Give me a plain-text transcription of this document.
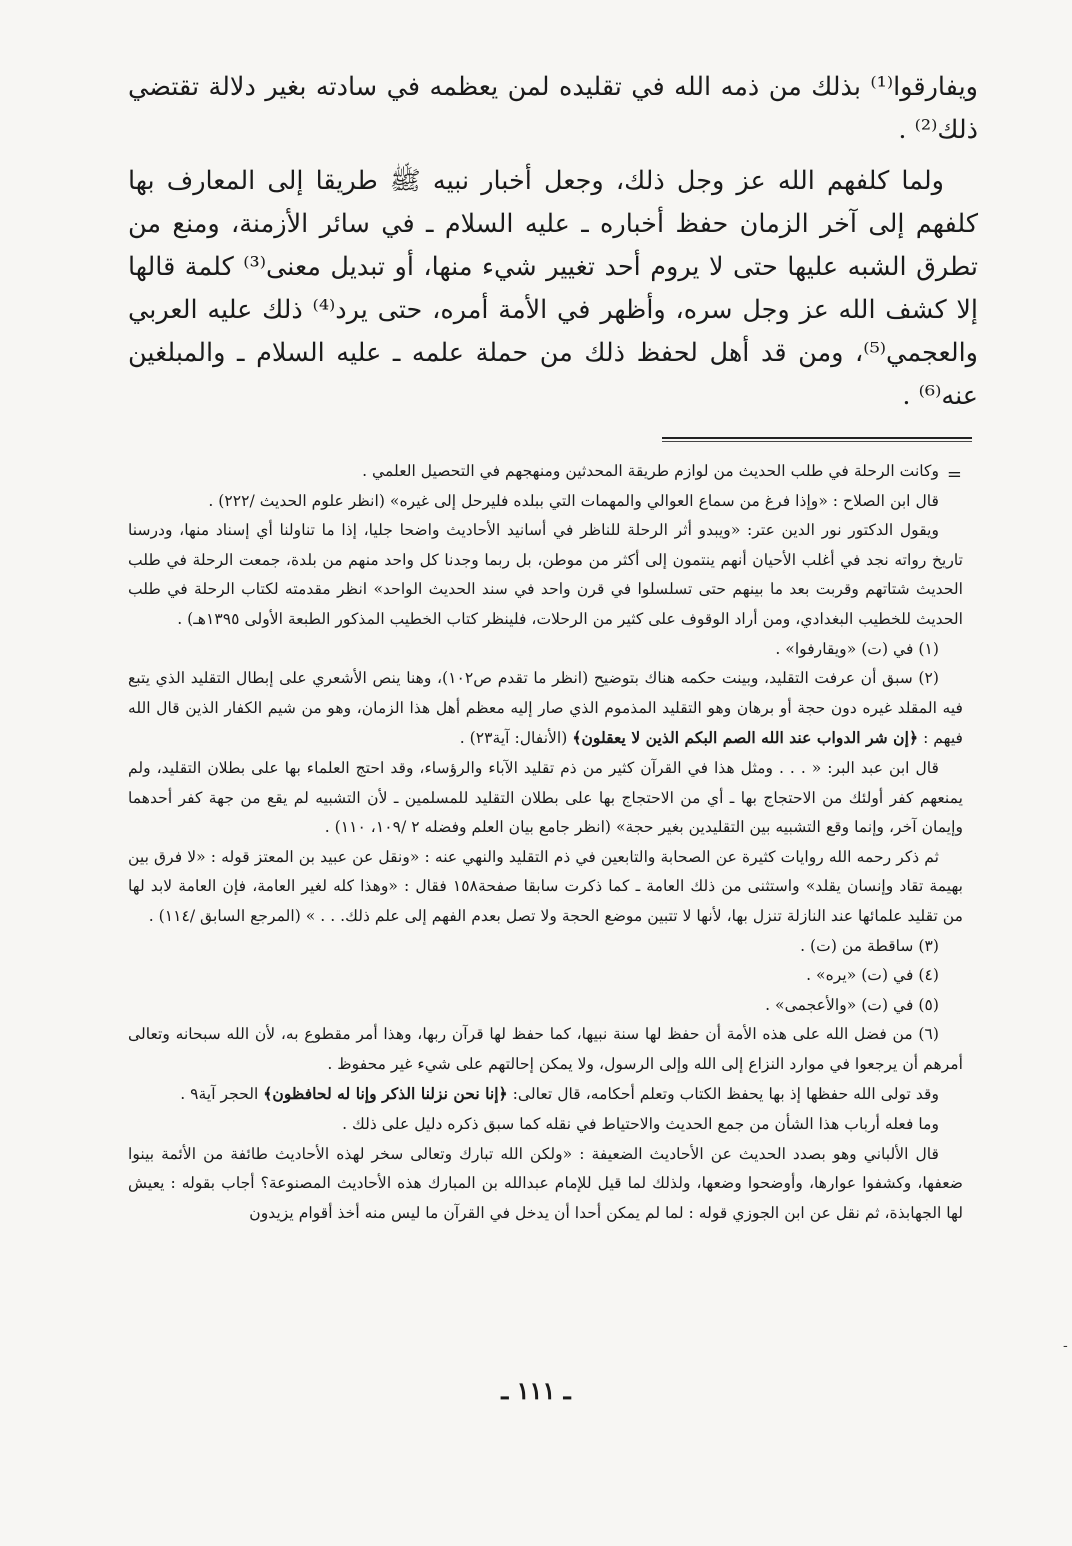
ويفارقوا⁽¹⁾ بذلك من ذمه الله في تقليده لمن يعظمه في سادته بغير دلالة تقتضي ذلك⁽²⁾ .

ولما كلفهم الله عز وجل ذلك، وجعل أخبار نبيه ﷺ طريقا إلى المعارف بها كلفهم إلى آخر الزمان حفظ أخباره ـ عليه السلام ـ في سائر الأزمنة، ومنع من تطرق الشبه عليها حتى لا يروم أحد تغيير شيء منها، أو تبديل معنى⁽³⁾ كلمة قالها إلا كشف الله عز وجل سره، وأظهر في الأمة أمره، حتى يرد⁽⁴⁾ ذلك عليه العربي والعجمي⁽⁵⁾، ومن قد أهل لحفظ ذلك من حملة علمه ـ عليه السلام ـ والمبلغين عنه⁽⁶⁾ .

=

وكانت الرحلة في طلب الحديث من لوازم طريقة المحدثين ومنهجهم في التحصيل العلمي .

قال ابن الصلاح : «وإذا فرغ من سماع العوالي والمهمات التي ببلده فليرحل إلى غيره» (انظر علوم الحديث /٢٢٢) .

ويقول الدكتور نور الدين عتر: «ويبدو أثر الرحلة للناظر في أسانيد الأحاديث واضحا جليا، إذا ما تناولنا أي إسناد منها، ودرسنا تاريخ رواته نجد في أغلب الأحيان أنهم ينتمون إلى أكثر من موطن، بل ربما وجدنا كل واحد منهم من بلدة، جمعت الرحلة في طلب الحديث شتاتهم وقربت بعد ما بينهم حتى تسلسلوا في قرن واحد في سند الحديث الواحد» انظر مقدمته لكتاب الرحلة في طلب الحديث للخطيب البغدادي، ومن أراد الوقوف على كثير من الرحلات، فلينظر كتاب الخطيب المذكور الطبعة الأولى ١٣٩٥هـ) .

(١) في (ت) «ويقارفوا» .

(٢) سبق أن عرفت التقليد، وبينت حكمه هناك بتوضيح (انظر ما تقدم ص١٠٢)، وهنا ينص الأشعري على إبطال التقليد الذي يتبع فيه المقلد غيره دون حجة أو برهان وهو التقليد المذموم الذي صار إليه معظم أهل هذا الزمان، وهو من شيم الكفار الذين قال الله فيهم : ﴿إن شر الدواب عند الله الصم البكم الذين لا يعقلون﴾ (الأنفال: آية٢٣) .

قال ابن عبد البر: « . . . ومثل هذا في القرآن كثير من ذم تقليد الآباء والرؤساء، وقد احتج العلماء بها على بطلان التقليد، ولم يمنعهم كفر أولئك من الاحتجاج بها ـ أي من الاحتجاج بها على بطلان التقليد للمسلمين ـ لأن التشبيه لم يقع من جهة كفر أحدهما وإيمان آخر، وإنما وقع التشبيه بين التقليدين بغير حجة» (انظر جامع بيان العلم وفضله ٢ /١٠٩، ١١٠) .

ثم ذكر رحمه الله روايات كثيرة عن الصحابة والتابعين في ذم التقليد والنهي عنه : «ونقل عن عبيد بن المعتز قوله : «لا فرق بين بهيمة تقاد وإنسان يقلد» واستثنى من ذلك العامة ـ كما ذكرت سابقا صفحة١٥٨ فقال : «وهذا كله لغير العامة، فإن العامة لابد لها من تقليد علمائها عند النازلة تنزل بها، لأنها لا تتبين موضع الحجة ولا تصل بعدم الفهم إلى علم ذلك. . . » (المرجع السابق /١١٤) .

(٣) ساقطة من (ت) .

(٤) في (ت) «يره» .

(٥) في (ت) «والأعجمى» .

(٦) من فضل الله على هذه الأمة أن حفظ لها سنة نبيها، كما حفظ لها قرآن ربها، وهذا أمر مقطوع به، لأن الله سبحانه وتعالى أمرهم أن يرجعوا في موارد النزاع إلى الله وإلى الرسول، ولا يمكن إحالتهم على شيء غير محفوظ .

وقد تولى الله حفظها إذ بها يحفظ الكتاب وتعلم أحكامه، قال تعالى: ﴿إنا نحن نزلنا الذكر وإنا له لحافظون﴾ الحجر آية٩ .

وما فعله أرباب هذا الشأن من جمع الحديث والاحتياط في نقله كما سبق ذكره دليل على ذلك .

قال الألباني وهو بصدد الحديث عن الأحاديث الضعيفة : «ولكن الله تبارك وتعالى سخر لهذه الأحاديث طائفة من الأئمة بينوا ضعفها، وكشفوا عوارها، وأوضحوا وضعها، ولذلك لما قيل للإمام عبدالله بن المبارك هذه الأحاديث المصنوعة؟ أجاب بقوله : يعيش لها الجهابذة، ثم نقل عن ابن الجوزي قوله : لما لم يمكن أحدا أن يدخل في القرآن ما ليس منه أخذ أقوام يزيدون

-
ـ ١١١ ـ
